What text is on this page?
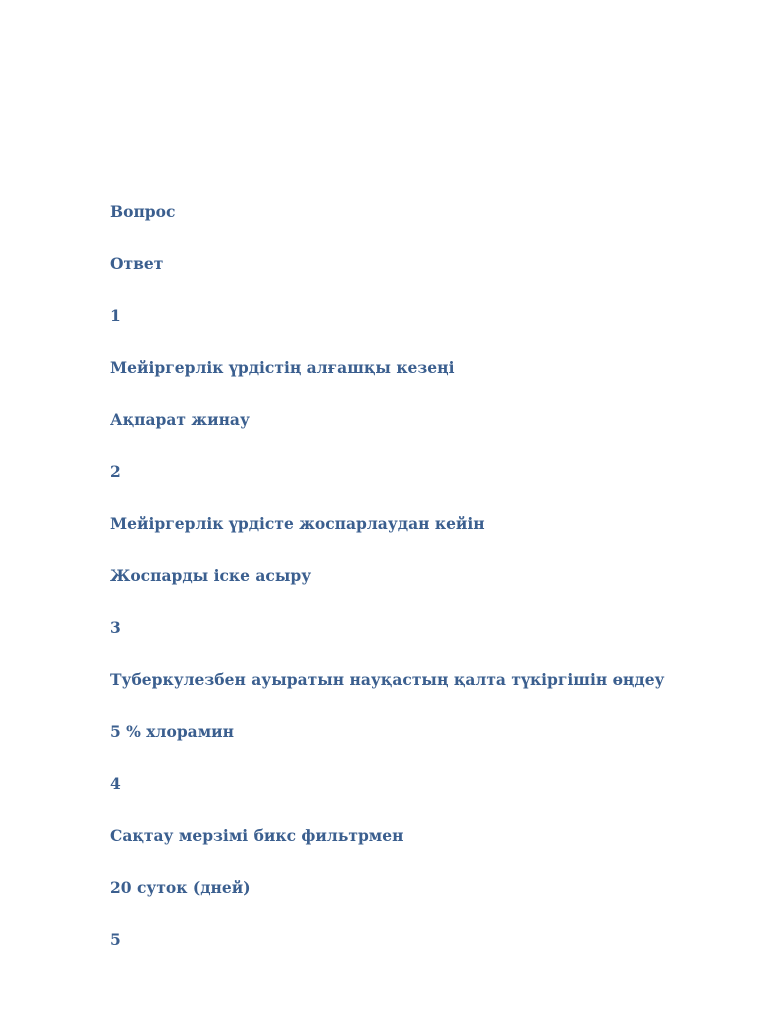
Вопрос
Ответ
1
Мейіргерлік үрдістің алғашқы кезеңі
Ақпарат жинау
2
Мейіргерлік үрдісте жоспарлаудан кейін
Жоспарды іске асыру
3
Туберкулезбен ауыратын науқастың қалта түкіргішін өңдеу
5 % хлорамин
4
Сақтау мерзімі бикс фильтрмен
20 суток (дней)
5
